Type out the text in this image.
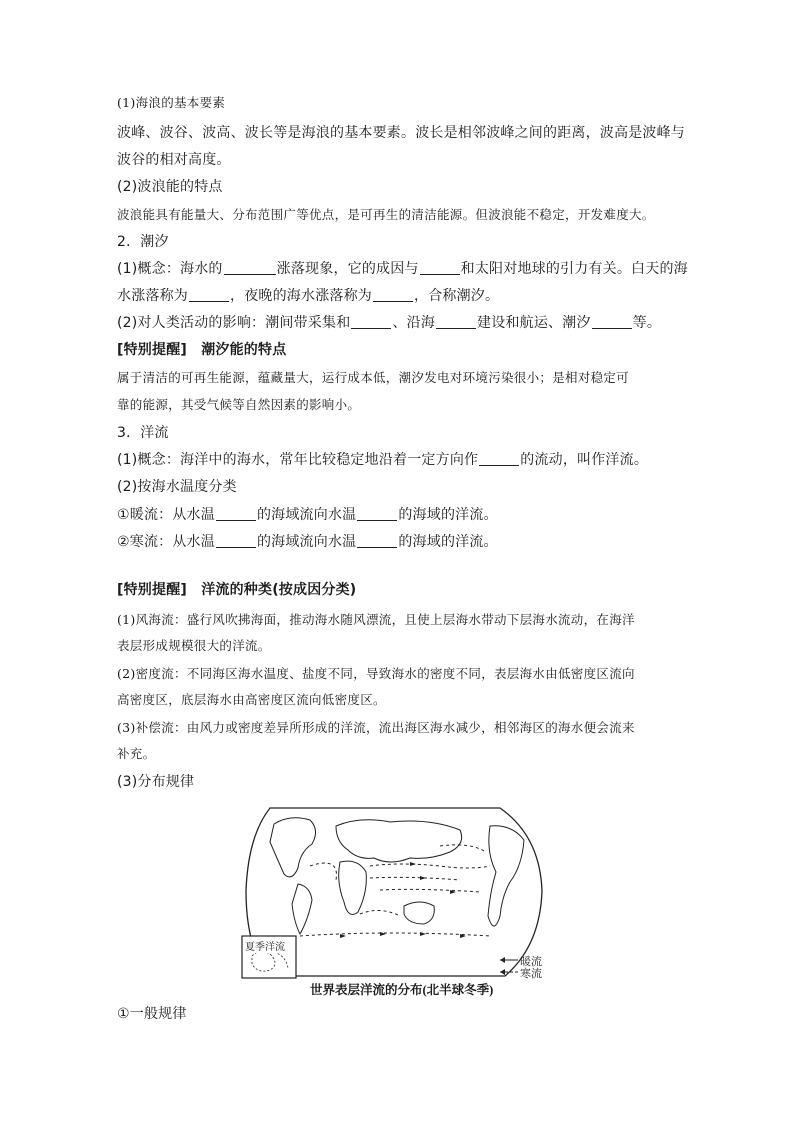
(1)海浪的基本要素
波峰、波谷、波高、波长等是海浪的基本要素。波长是相邻波峰之间的距离，波高是波峰与
波谷的相对高度。
(2)波浪能的特点
波浪能具有能量大、分布范围广等优点，是可再生的清洁能源。但波浪能不稳定，开发难度大。
2．潮汐
(1)概念：海水的	涨落现象，它的成因与	和太阳对地球的引力有关。白天的海
水涨落称为	，夜晚的海水涨落称为	，合称潮汐。
(2)对人类活动的影响：潮间带采集和	、沿海	建设和航运、潮汐	等。
[特别提醒]　潮汐能的特点
属于清洁的可再生能源，蕴藏量大，运行成本低，潮汐发电对环境污染很小；是相对稳定可
靠的能源，其受气候等自然因素的影响小。
3．洋流
(1)概念：海洋中的海水，常年比较稳定地沿着一定方向作	的流动，叫作洋流。
(2)按海水温度分类
①暖流：从水温	的海域流向水温	的海域的洋流。
②寒流：从水温	的海域流向水温	的海域的洋流。
[特别提醒]　洋流的种类(按成因分类)
(1)风海流：盛行风吹拂海面，推动海水随风漂流，且使上层海水带动下层海水流动，在海洋
表层形成规模很大的洋流。
(2)密度流：不同海区海水温度、盐度不同，导致海水的密度不同，表层海水由低密度区流向
高密度区，底层海水由高密度区流向低密度区。
(3)补偿流：由风力或密度差异所形成的洋流，流出海区海水减少，相邻海区的海水便会流来
补充。
(3)分布规律
夏季洋流
暖流
寒流
世界表层洋流的分布(北半球冬季)
①一般规律
